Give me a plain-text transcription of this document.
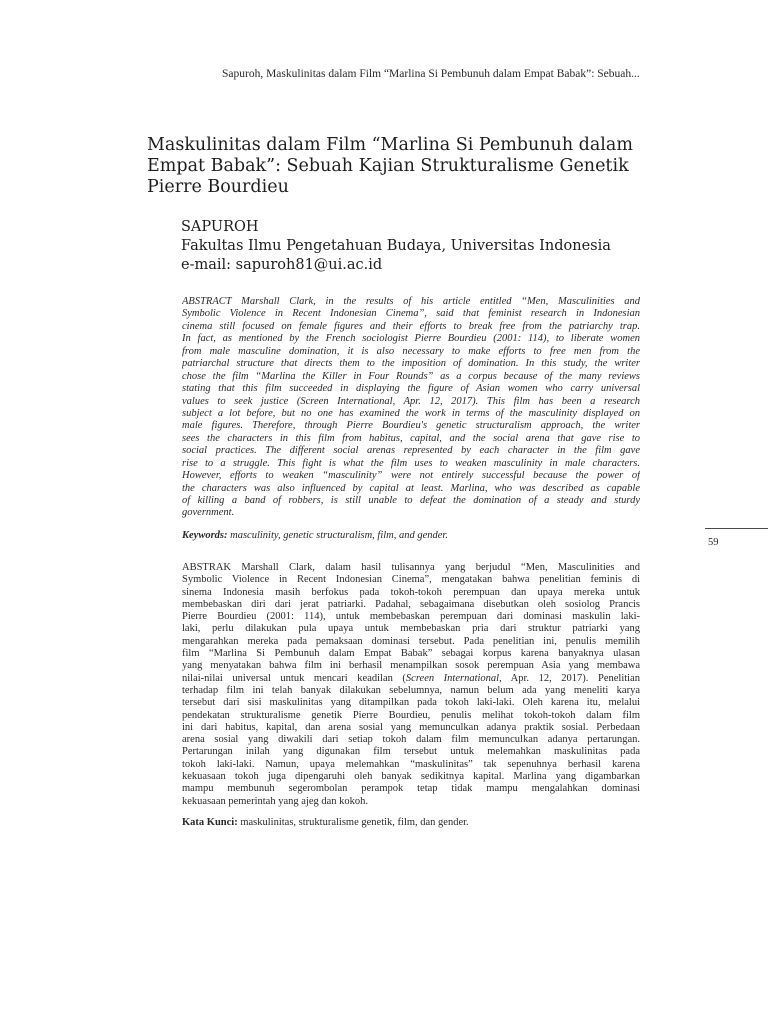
Sapuroh, Maskulinitas dalam Film “Marlina Si Pembunuh dalam Empat Babak”: Sebuah...
Maskulinitas dalam Film “Marlina Si Pembunuh dalam
Empat Babak”: Sebuah Kajian Strukturalisme Genetik
Pierre Bourdieu
SAPUROH
Fakultas Ilmu Pengetahuan Budaya, Universitas Indonesia
e-mail: sapuroh81@ui.ac.id
ABSTRACT Marshall Clark, in the results of his article entitled “Men, Masculinities and
Symbolic Violence in Recent Indonesian Cinema”, said that feminist research in Indonesian
cinema still focused on female figures and their efforts to break free from the patriarchy trap.
In fact, as mentioned by the French sociologist Pierre Bourdieu (2001: 114), to liberate women
from male masculine domination, it is also necessary to make efforts to free men from the
patriarchal structure that directs them to the imposition of domination. In this study, the writer
chose the film “Marlina the Killer in Four Rounds” as a corpus because of the many reviews
stating that this film succeeded in displaying the figure of Asian women who carry universal
values to seek justice (Screen International, Apr. 12, 2017). This film has been a research
subject a lot before, but no one has examined the work in terms of the masculinity displayed on
male figures. Therefore, through Pierre Bourdieu's genetic structuralism approach, the writer
sees the characters in this film from habitus, capital, and the social arena that gave rise to
social practices. The different social arenas represented by each character in the film gave
rise to a struggle. This fight is what the film uses to weaken masculinity in male characters.
However, efforts to weaken “masculinity” were not entirely successful because the power of
the characters was also influenced by capital at least. Marlina, who was described as capable
of killing a band of robbers, is still unable to defeat the domination of a steady and sturdy
government.
Keywords: masculinity, genetic structuralism, film, and gender.
59
ABSTRAK Marshall Clark, dalam hasil tulisannya yang berjudul “Men, Masculinities and
Symbolic Violence in Recent Indonesian Cinema”, mengatakan bahwa penelitian feminis di
sinema Indonesia masih berfokus pada tokoh-tokoh perempuan dan upaya mereka untuk
membebaskan diri dari jerat patriarki. Padahal, sebagaimana disebutkan oleh sosiolog Prancis
Pierre Bourdieu (2001: 114), untuk membebaskan perempuan dari dominasi maskulin laki-
laki, perlu dilakukan pula upaya untuk membebaskan pria dari struktur patriarki yang
mengarahkan mereka pada pemaksaan dominasi tersebut. Pada penelitian ini, penulis memilih
film “Marlina Si Pembunuh dalam Empat Babak” sebagai korpus karena banyaknya ulasan
yang menyatakan bahwa film ini berhasil menampilkan sosok perempuan Asia yang membawa
nilai-nilai universal untuk mencari keadilan (Screen International, Apr. 12, 2017). Penelitian
terhadap film ini telah banyak dilakukan sebelumnya, namun belum ada yang meneliti karya
tersebut dari sisi maskulinitas yang ditampilkan pada tokoh laki-laki. Oleh karena itu, melalui
pendekatan strukturalisme genetik Pierre Bourdieu, penulis melihat tokoh-tokoh dalam film
ini dari habitus, kapital, dan arena sosial yang memunculkan adanya praktik sosial. Perbedaan
arena sosial yang diwakili dari setiap tokoh dalam film memunculkan adanya pertarungan.
Pertarungan inilah yang digunakan film tersebut untuk melemahkan maskulinitas pada
tokoh laki-laki. Namun, upaya melemahkan “maskulinitas” tak sepenuhnya berhasil karena
kekuasaan tokoh juga dipengaruhi oleh banyak sedikitnya kapital. Marlina yang digambarkan
mampu membunuh segerombolan perampok tetap tidak mampu mengalahkan dominasi
kekuasaan pemerintah yang ajeg dan kokoh.
Kata Kunci: maskulinitas, strukturalisme genetik, film, dan gender.
